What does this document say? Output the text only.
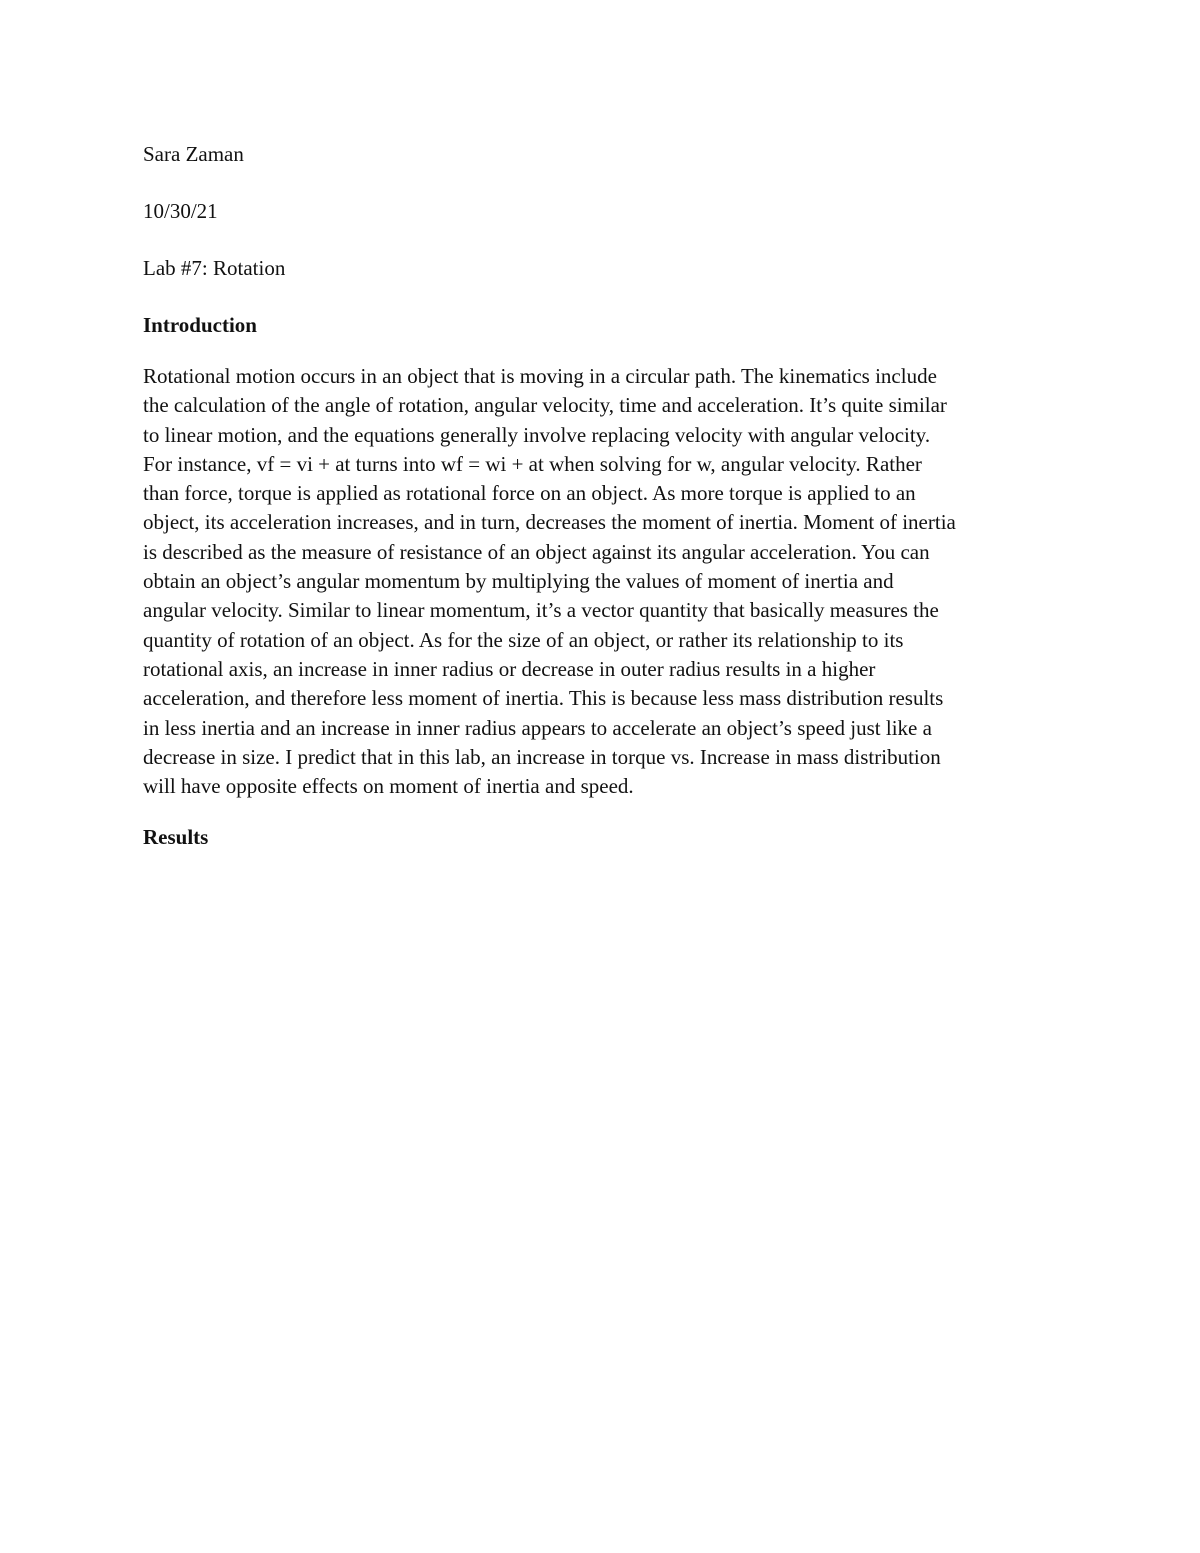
Sara Zaman

10/30/21

Lab #7: Rotation

Introduction

Rotational motion occurs in an object that is moving in a circular path. The kinematics include
the calculation of the angle of rotation, angular velocity, time and acceleration. It’s quite similar
to linear motion, and the equations generally involve replacing velocity with angular velocity.
For instance, vf = vi + at turns into wf = wi + at when solving for w, angular velocity. Rather
than force, torque is applied as rotational force on an object. As more torque is applied to an
object, its acceleration increases, and in turn, decreases the moment of inertia. Moment of inertia
is described as the measure of resistance of an object against its angular acceleration. You can
obtain an object’s angular momentum by multiplying the values of moment of inertia and
angular velocity. Similar to linear momentum, it’s a vector quantity that basically measures the
quantity of rotation of an object. As for the size of an object, or rather its relationship to its
rotational axis, an increase in inner radius or decrease in outer radius results in a higher
acceleration, and therefore less moment of inertia. This is because less mass distribution results
in less inertia and an increase in inner radius appears to accelerate an object’s speed just like a
decrease in size. I predict that in this lab, an increase in torque vs. Increase in mass distribution
will have opposite effects on moment of inertia and speed.

Results
